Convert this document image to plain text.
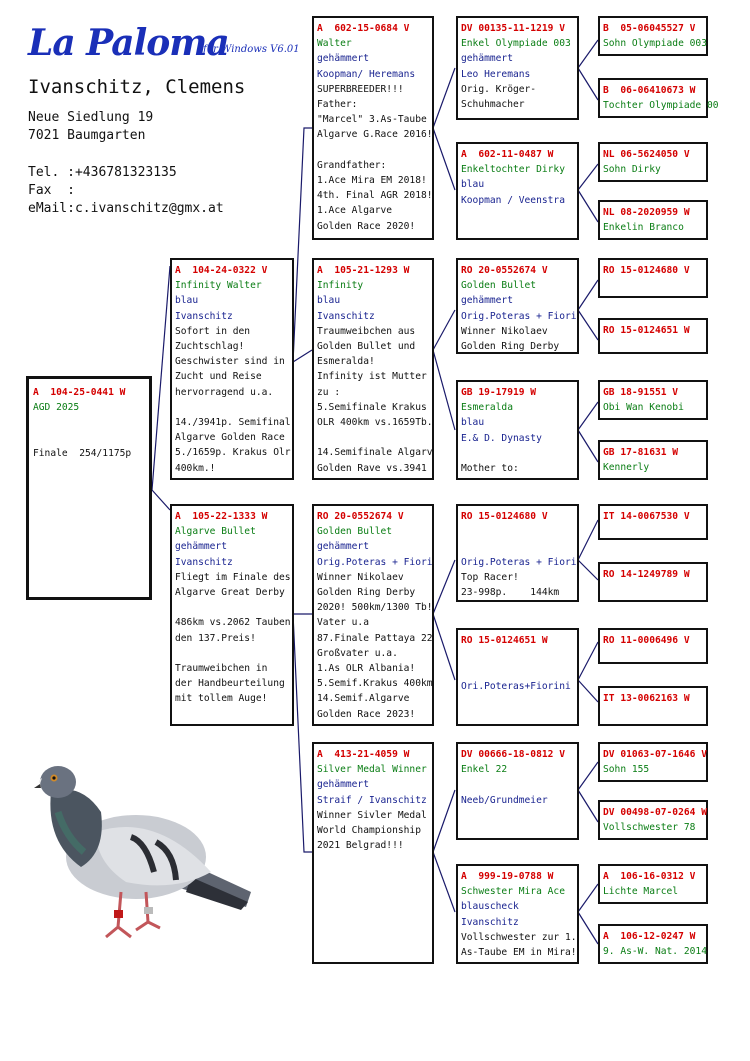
La Paloma
für Windows V6.01
Ivanschitz, Clemens
Neue Siedlung 19
7021 Baumgarten
Tel. :+436781323135
Fax  :
eMail:c.ivanschitz@gmx.at
A  104-25-0441 W
AGD 2025

Finale  254/1175p
A  104-24-0322 V
Infinity Walter
blau
Ivanschitz
Sofort in den
Zuchtschlag!
Geschwister sind in
Zucht und Reise
hervorragend u.a.

14./3941p. Semifinal
Algarve Golden Race
5./1659p. Krakus Olr
400km.!
A  105-22-1333 W
Algarve Bullet
gehämmert
Ivanschitz
Fliegt im Finale des
Algarve Great Derby

486km vs.2062 Tauben
den 137.Preis!

Traumweibchen in
der Handbeurteilung
mit tollem Auge!
A  602-15-0684 V
Walter
gehämmert
Koopman/ Heremans
SUPERBREEDER!!!
Father:
"Marcel" 3.As-Taube
Algarve G.Race 2016!

Grandfather:
1.Ace Mira EM 2018!
4th. Final AGR 2018!
1.Ace Algarve
Golden Race 2020!
A  105-21-1293 W
Infinity
blau
Ivanschitz
Traumweibchen aus
Golden Bullet und
Esmeralda!
Infinity ist Mutter
zu :
5.Semifinale Krakus
OLR 400km vs.1659Tb.

14.Semifinale Algarv
Golden Rave vs.3941
RO 20-0552674 V
Golden Bullet
gehämmert
Orig.Poteras + Fiori
Winner Nikolaev
Golden Ring Derby
2020! 500km/1300 Tb!
Vater u.a
87.Finale Pattaya 22
Großvater u.a.
1.As OLR Albania!
5.Semif.Krakus 400km
14.Semif.Algarve
Golden Race 2023!
A  413-21-4059 W
Silver Medal Winner
gehämmert
Straif / Ivanschitz
Winner Sivler Medal
World Championship
2021 Belgrad!!!
DV 00135-11-1219 V
Enkel Olympiade 003
gehämmert
Leo Heremans
Orig. Kröger-
Schuhmacher
A  602-11-0487 W
Enkeltochter Dirky
blau
Koopman / Veenstra
RO 20-0552674 V
Golden Bullet
gehämmert
Orig.Poteras + Fiori
Winner Nikolaev
Golden Ring Derby
GB 19-17919 W
Esmeralda
blau
E.& D. Dynasty

Mother to:
RO 15-0124680 V

Orig.Poteras + Fiori
Top Racer!
23-998p.    144km
RO 15-0124651 W

Ori.Poteras+Fiorini
DV 00666-18-0812 V
Enkel 22

Neeb/Grundmeier
A  999-19-0788 W
Schwester Mira Ace
blauscheck
Ivanschitz
Vollschwester zur 1.
As-Taube EM in Mira!
B  05-06045527 V
Sohn Olympiade 003
B  06-06410673 W
Tochter Olympiade 00
NL 06-5624050 V
Sohn Dirky
NL 08-2020959 W
Enkelin Branco
RO 15-0124680 V
RO 15-0124651 W
GB 18-91551 V
Obi Wan Kenobi
GB 17-81631 W
Kennerly
IT 14-0067530 V
RO 14-1249789 W
RO 11-0006496 V
IT 13-0062163 W
DV 01063-07-1646 V
Sohn 155
DV 00498-07-0264 W
Vollschwester 78
A  106-16-0312 V
Lichte Marcel
A  106-12-0247 W
9. As-W. Nat. 2014
